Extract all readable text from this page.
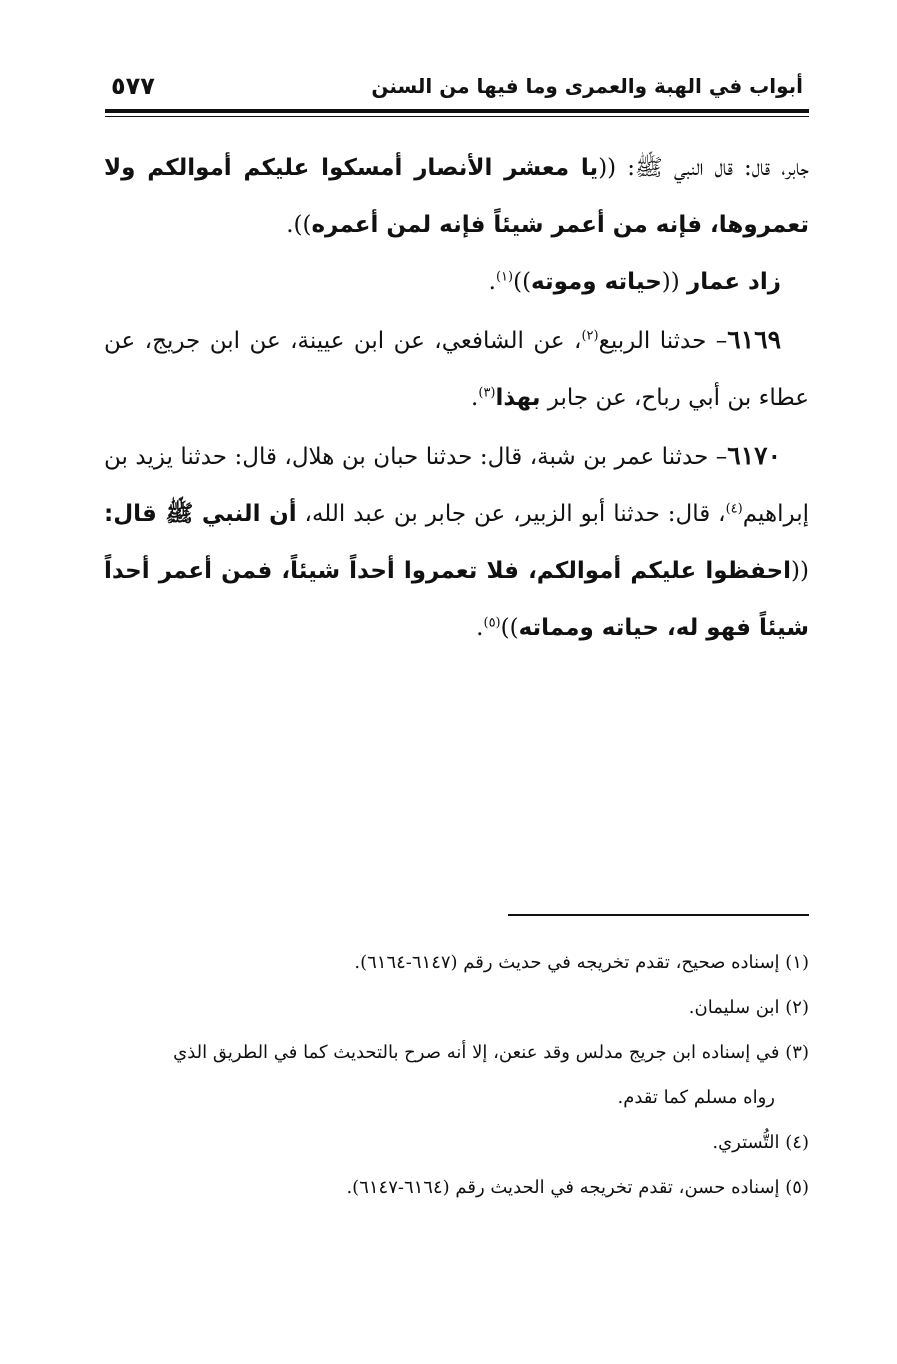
أبواب في الهبة والعمرى وما فيها من السنن
٥٧٧

جابر، قال: قال النبي ﷺ: ((يا معشر الأنصار أمسكوا عليكم أموالكم ولا تعمروها، فإنه من أعمر شيئاً فإنه لمن أعمره)).
زاد عمار ((حياته وموته))$^{(١)}$.

٦١٦٩– حدثنا الربيع$^{(٢)}$، عن الشافعي، عن ابن عيينة، عن ابن جريج، عن عطاء بن أبي رباح، عن جابر بهذا$^{(٣)}$.

٦١٧٠– حدثنا عمر بن شبة، قال: حدثنا حبان بن هلال، قال: حدثنا يزيد بن إبراهيم$^{(٤)}$، قال: حدثنا أبو الزبير، عن جابر بن عبد الله، أن النبي ﷺ قال: ((احفظوا عليكم أموالكم، فلا تعمروا أحداً شيئاً، فمن أعمر أحداً شيئاً فهو له، حياته ومماته))$^{(٥)}$.

(١) إسناده صحيح، تقدم تخريجه في حديث رقم (٦١٤٧-٦١٦٤).

(٢) ابن سليمان.

(٣) في إسناده ابن جريج مدلس وقد عنعن، إلا أنه صرح بالتحديث كما في الطريق الذي

رواه مسلم كما تقدم.

(٤) التُّستري.

(٥) إسناده حسن، تقدم تخريجه في الحديث رقم (٦١٦٤-٦١٤٧).
